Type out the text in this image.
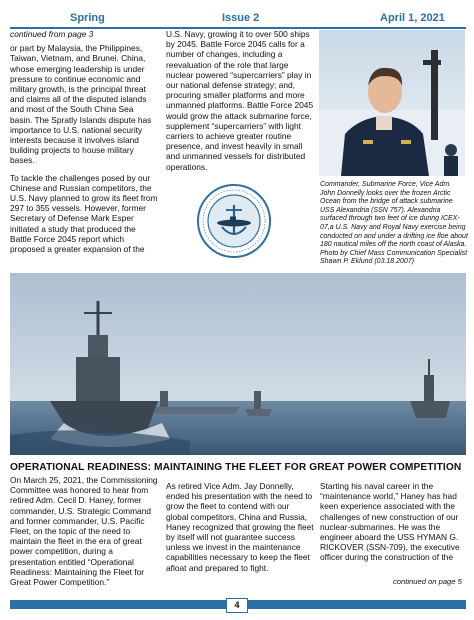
Spring	Issue 2	April 1, 2021

continued from page 3

or part by Malaysia, the Philippines, Taiwan, Vietnam, and Brunei. China, whose emerging leadership is under pressure to continue economic and military growth, is the principal threat and claims all of the disputed islands and most of the South China Sea basin. The Spratly Islands dispute has importance to U.S. national security interests because it involves island building projects to house military bases.

To tackle the challenges posed by our Chinese and Russian competitors, the U.S. Navy planned to grow its fleet from 297 to 355 vessels. However, former Secretary of Defense Mark Esper initiated a study that produced the Battle Force 2045 report which proposed a greater expansion of the

U.S. Navy, growing it to over 500 ships by 2045. Battle Force 2045 calls for a number of changes, including a reevaluation of the role that large nuclear powered “supercarriers” play in our national defense strategy; and, procuring smaller platforms and more unmanned platforms. Battle Force 2045 would grow the attack submarine force, supplement “supercarriers” with light carriers to achieve greater routine presence, and invest heavily in small and unmanned vessels for distributed operations.

Commander, Submarine Force, Vice Adm. John Donnelly looks over the frozen Arctic Ocean from the bridge of attack submarine USS Alexandria (SSN 757). Alexandria surfaced through two feet of ice during ICEX-07,a U.S. Navy and Royal Navy exercise being conducted on and under a drifting ice floe about 180 nautical miles off the north coast of Alaska. Photo by Chief Mass Communication Specialist Shawn P. Eklund (03.18.2007)
OPERATIONAL READINESS: MAINTAINING THE FLEET FOR GREAT POWER COMPETITION
On March 25, 2021, the Commissioning Committee was honored to hear from retired Adm. Cecil D. Haney, former commander, U.S. Strategic Command and former commander, U.S. Pacific Fleet, on the topic of the need to maintain the fleet in the era of great power competition, during a presentation entitled “Operational Readiness: Maintaining the Fleet for Great Power Competition.”
As retired Vice Adm. Jay Donnelly, ended his presentation with the need to grow the fleet to contend with our global competitors, China and Russia, Haney recognized that growing the fleet by itself will not guarantee success unless we invest in the maintenance capabilities necessary to keep the fleet afloat and prepared to fight.
Starting his naval career in the “maintenance world,” Haney has had keen experience associated with the challenges of new construction of our nuclear-submarines. He was the engineer aboard the USS HYMAN G. RICKOVER (SSN-709), the executive officer during the construction of the
continued on page 5
4
